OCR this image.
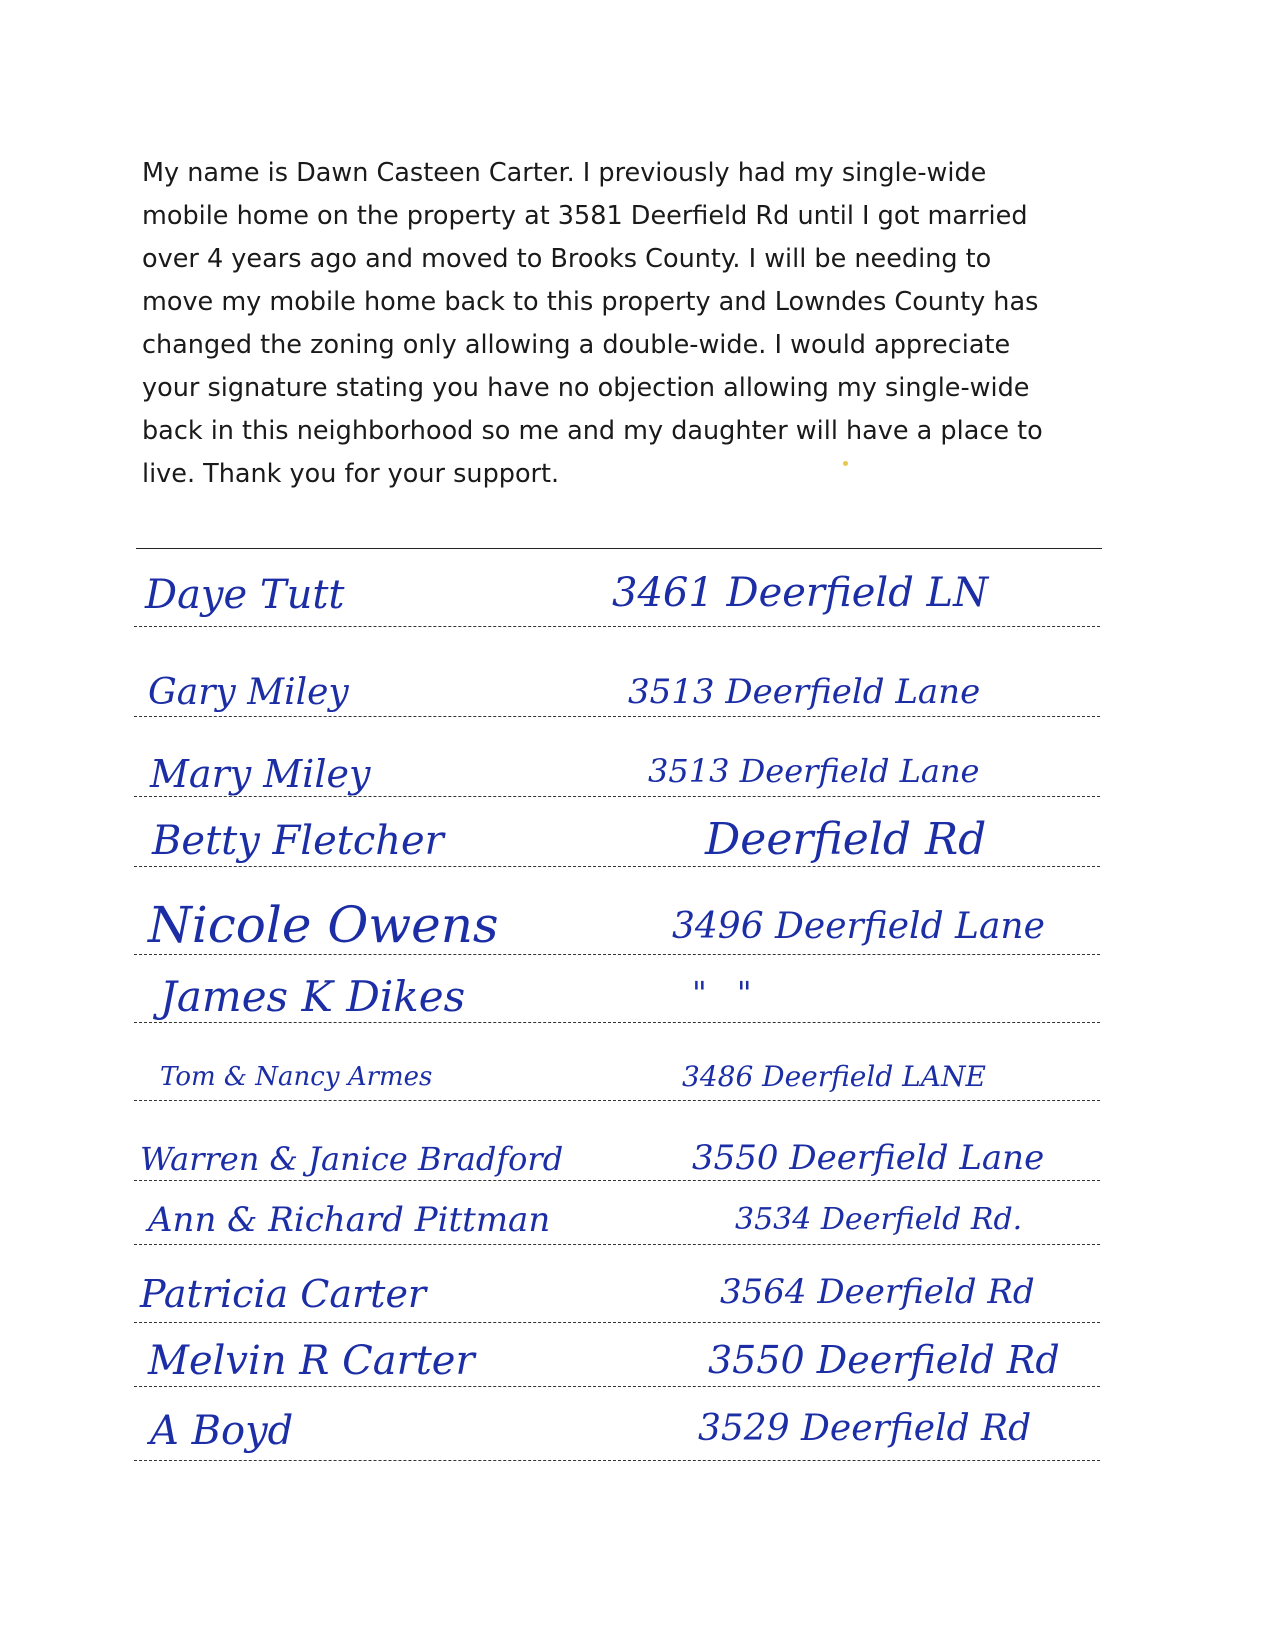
My name is Dawn Casteen Carter. I previously had my single-wide
mobile home on the property at 3581 Deerfield Rd until I got married
over 4 years ago and moved to Brooks County. I will be needing to
move my mobile home back to this property and Lowndes County has
changed the zoning only allowing a double-wide. I would appreciate
your signature stating you have no objection allowing my single-wide
back in this neighborhood so me and my daughter will have a place to
live. Thank you for your support.
Daye Tutt	3461 Deerfield LN
Gary Miley	3513 Deerfield Lane
Mary Miley	3513 Deerfield Lane
Betty Fletcher	Deerfield Rd
Nicole Owens	3496 Deerfield Lane
James K Dikes	" "
Tom & Nancy Armes	3486 Deerfield LANE
Warren & Janice Bradford	3550 Deerfield Lane
Ann & Richard Pittman	3534 Deerfield Rd.
Patricia Carter	3564 Deerfield Rd
Melvin R Carter	3550 Deerfield Rd
A Boyd	3529 Deerfield Rd
